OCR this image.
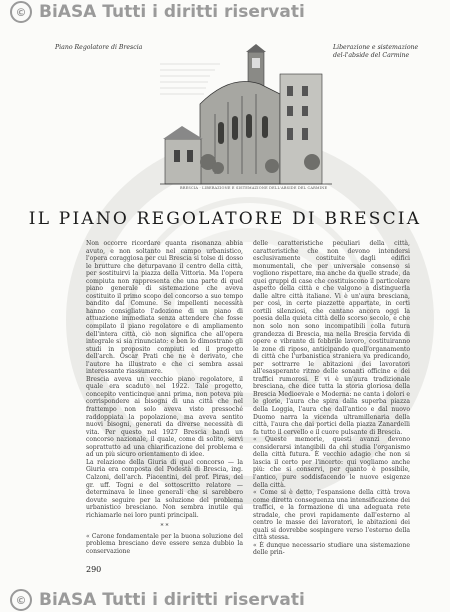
© BiASA Tutti i diritti riservati
Piano Regolatore di Brescia	Liberazione e sistemazione del-l'abside del Carmine
BRESCIA · LIBERAZIONE E SISTEMAZIONE DELL'ABSIDE DEL CARMINE
IL PIANO REGOLATORE DI BRESCIA

Non occorre ricordare quanta risonanza abbia avuto, e non soltanto nel campo urbanistico, l'opera coraggiosa per cui Brescia si tolse di dosso le brutture che deturpavano il centro della città, per sostituirvi la piazza della Vittoria. Ma l'opera compiuta non rappresenta che una parte di quel piano generale di sistemazione che aveva costituito il primo scopo del concorso a suo tempo bandito dal Comune. Se impellenti necessità hanno consigliato l'adozione di un piano di attuazione immediata senza attendere che fosse compilato il piano regolatore e di ampliamento dell'intera città, ciò non significa che all'opera integrale si sia rinunciato: e ben lo dimostrano gli studi in proposito compiuti ed il progetto dell'arch. Oscar Prati che ne è derivato, che l'autore ha illustrato e che ci sembra assai interessante riassumere.

Brescia aveva un vecchio piano regolatore, il quale era scaduto nel 1922. Tale progetto, concepito venticinque anni prima, non poteva più corrispondere ai bisogni di una città che nel frattempo non solo aveva visto pressoché raddoppiata la popolazione, ma aveva sentito nuovi bisogni, generati da diverse necessità di vita. Per questo nel 1927 Brescia bandì un concorso nazionale, il quale, come di solito, servì soprattutto ad una chiarificazione del problema e ad un più sicuro orientamento di idee.

La relazione della Giuria di quel concorso — la Giuria era composta del Podestà di Brescia, ing. Calzoni, dell'arch. Piacentini, del prof. Piras, del gr. uff. Togni e del sottoscritto relatore — determinava le linee generali che si sarebbero dovute seguire per la soluzione del problema urbanistico bresciano. Non sembra inutile qui richiamarle nei loro punti principali.

* *

« Carone fondamentale per la buona soluzione del problema bresciano deve essere senza dubbio la conservazione

delle caratteristiche peculiari della città, caratteristiche che non devono intendersi esclusivamente costituite dagli edifici monumentali, che per universale consenso si vogliono rispettare, ma anche da quelle strade, da quei gruppi di case che costituiscono il particolare aspetto della città e che valgono a distinguerla dalle altre città italiane. Vi è un'aura bresciana, per così, in certe piazzette appartate, in certi cortili silenziosi, che cantano ancora oggi la poesia della quieta città dello scorso secolo, e che non solo non sono incompatibili colla futura grandezza di Brescia, ma nella Brescia fervida di opere e vibrante di febbrile lavoro, costituiranno le zone di riposo, anticipando quell'organamento di città che l'urbanistica straniera va predicando, per sottrarre le abitazioni dei lavoratori all'esasperante ritmo delle sonanti officine e dei traffici rumorosi. E vi è un'aura tradizionale bresciana, che dice tutta la storia gloriosa della Brescia Medioevale e Moderna: ne canta i dolori e le glorie, l'aura che spira dalla superba piazza della Loggia, l'aura che dall'antico e dal nuovo Duomo narra la vicenda ultramillenaria della città, l'aura che dai portici della piazza Zanardelli fa tutto il cervello e il cuore pulsante di Brescia.

« Queste memorie, questi avanzi devono considerarsi intangibili da chi studia l'organismo della città futura. È vecchio adagio che non si lascia il certo per l'incerto: qui vogliamo anche più: che si conservi, per quanto è possibile, l'antico, pure soddisfacendo le nuove esigenze della città.

« Come si è detto, l'espansione della città trova come diretta conseguenza una intensificazione dei traffici, e la formazione di una adeguata rete stradale, che provi rapidamente dall'esterno al centro le masse dei lavoratori, le abitazioni dei quali si dovrebbe sospingere verso l'esterno della città stessa.

« È dunque necessario studiare una sistemazione delle prin-

290
© BiASA Tutti i diritti riservati
